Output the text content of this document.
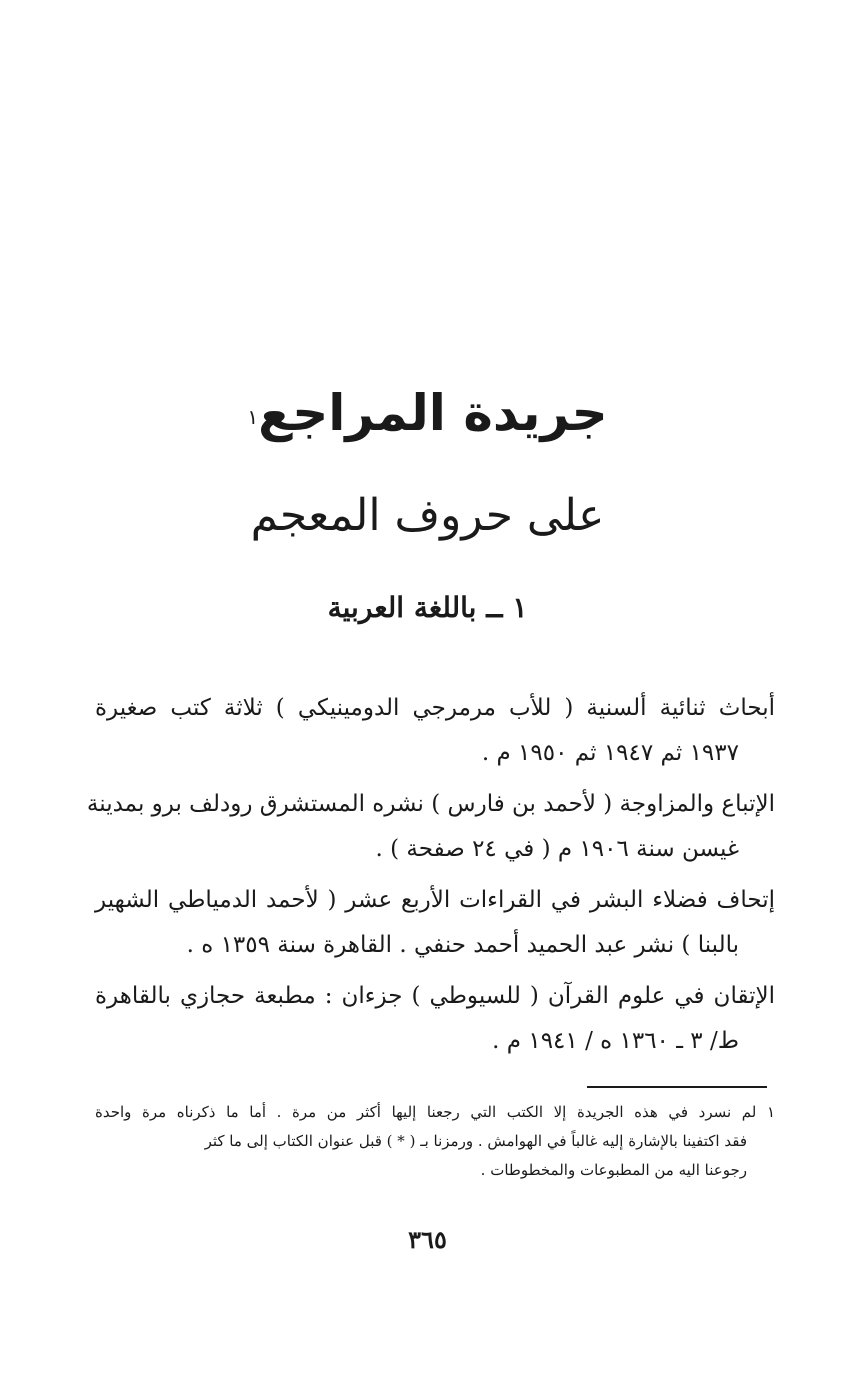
جريدة المراجع$^١$
على حروف المعجم
١ ــ باللغة العربية
أبحاث ثنائية ألسنية ( للأب مرمرجي الدومينيكي ) ثلاثة كتب صغيرة
١٩٣٧ ثم ١٩٤٧ ثم ١٩٥٠ م .
الإتباع والمزاوجة ( لأحمد بن فارس ) نشره المستشرق رودلف برو بمدينة
غيسن سنة ١٩٠٦ م ( في ٢٤ صفحة ) .
إتحاف فضلاء البشر في القراءات الأربع عشر ( لأحمد الدمياطي الشهير
بالبنا ) نشر عبد الحميد أحمد حنفي . القاهرة سنة ١٣٥٩ ه .
الإتقان في علوم القرآن ( للسيوطي ) جزءان : مطبعة حجازي بالقاهرة
ط/ ٣ ـ ١٣٦٠ ه / ١٩٤١ م .
١ لم نسرد في هذه الجريدة إلا الكتب التي رجعنا إليها أكثر من مرة . أما ما ذكرناه مرة واحدة
فقد اكتفينا بالإشارة إليه غالباً في الهوامش . ورمزنا بـ ( * ) قبل عنوان الكتاب إلى ما كثر
رجوعنا اليه من المطبوعات والمخطوطات .
٣٦٥
